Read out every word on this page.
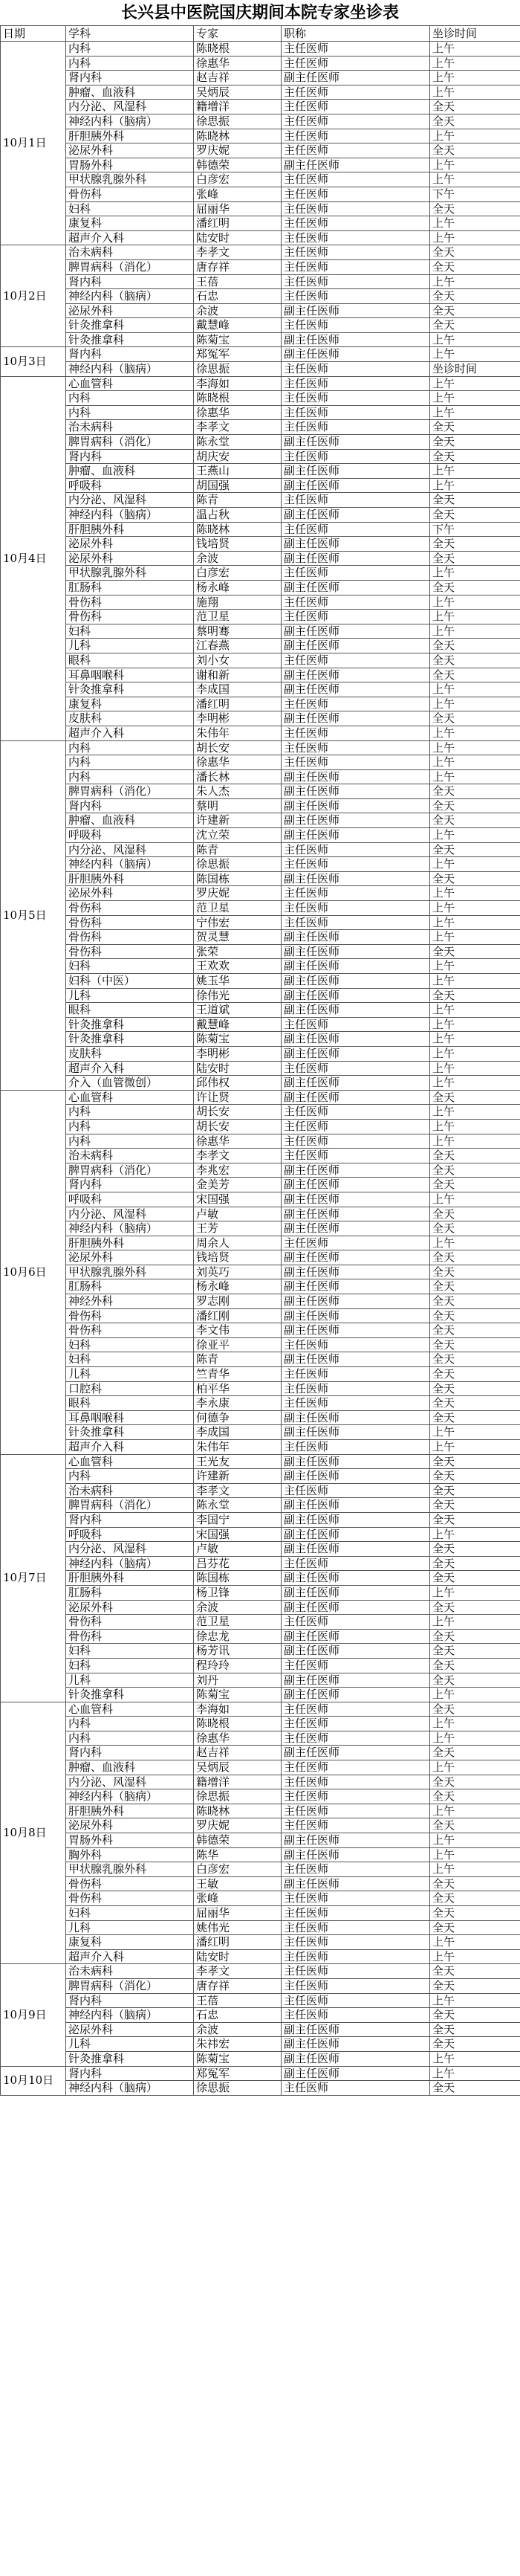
长兴县中医院国庆期间本院专家坐诊表
日期	学科	专家	职称	坐诊时间
10月1日	内科	陈晓根	主任医师	上午
	内科	徐惠华	主任医师	上午
	肾内科	赵吉祥	副主任医师	上午
	肿瘤、血液科	吴炳辰	主任医师	上午
	内分泌、风湿科	籍增洋	主任医师	全天
	神经内科（脑病）	徐思振	主任医师	全天
	肝胆胰外科	陈晓林	主任医师	上午
	泌尿外科	罗庆妮	主任医师	全天
	胃肠外科	韩德荣	副主任医师	上午
	甲状腺乳腺外科	白彦宏	主任医师	上午
	骨伤科	张峰	主任医师	下午
	妇科	屈丽华	主任医师	全天
	康复科	潘红明	主任医师	上午
	超声介入科	陆安时	主任医师	上午
10月2日	治未病科	李孝文	主任医师	全天
	脾胃病科（消化）	唐存祥	主任医师	全天
	肾内科	王蓓	主任医师	上午
	神经内科（脑病）	石忠	主任医师	全天
	泌尿外科	余波	副主任医师	全天
	针灸推拿科	戴慧峰	主任医师	全天
	针灸推拿科	陈菊宝	副主任医师	上午
10月3日	肾内科	郑冤军	副主任医师	上午
	神经内科（脑病）	徐思振	主任医师	坐诊时间
10月4日	心血管科	李海如	主任医师	上午
	内科	陈晓根	主任医师	上午
	内科	徐惠华	主任医师	上午
	治未病科	李孝文	主任医师	全天
	脾胃病科（消化）	陈永堂	副主任医师	全天
	肾内科	胡庆安	主任医师	全天
	肿瘤、血液科	王燕山	副主任医师	上午
	呼吸科	胡国强	副主任医师	上午
	内分泌、风湿科	陈青	主任医师	全天
	神经内科（脑病）	温占秋	副主任医师	全天
	肝胆胰外科	陈晓林	主任医师	下午
	泌尿外科	钱培贤	副主任医师	全天
	泌尿外科	余波	副主任医师	全天
	甲状腺乳腺外科	白彦宏	主任医师	上午
	肛肠科	杨永峰	副主任医师	全天
	骨伤科	施翔	主任医师	上午
	骨伤科	范卫星	主任医师	上午
	妇科	蔡明骞	副主任医师	上午
	儿科	江春燕	副主任医师	全天
	眼科	刘小女	主任医师	全天
	耳鼻咽喉科	谢和新	副主任医师	全天
	针灸推拿科	李成国	副主任医师	上午
	康复科	潘红明	主任医师	上午
	皮肤科	李明彬	副主任医师	全天
	超声介入科	朱伟年	主任医师	上午
10月5日	内科	胡长安	主任医师	上午
	内科	徐惠华	主任医师	上午
	内科	潘长林	副主任医师	上午
	脾胃病科（消化）	朱人杰	副主任医师	全天
	肾内科	蔡明	副主任医师	全天
	肿瘤、血液科	许建新	副主任医师	全天
	呼吸科	沈立荣	副主任医师	上午
	内分泌、风湿科	陈青	主任医师	全天
	神经内科（脑病）	徐思振	主任医师	上午
	肝胆胰外科	陈国栋	副主任医师	全天
	泌尿外科	罗庆妮	主任医师	上午
	骨伤科	范卫星	主任医师	上午
	骨伤科	宁伟宏	主任医师	上午
	骨伤科	贺灵慧	副主任医师	上午
	骨伤科	张荣	副主任医师	全天
	妇科	王欢欢	副主任医师	上午
	妇科（中医）	姚玉华	副主任医师	上午
	儿科	徐伟光	副主任医师	全天
	眼科	王道斌	副主任医师	上午
	针灸推拿科	戴慧峰	主任医师	上午
	针灸推拿科	陈菊宝	副主任医师	上午
	皮肤科	李明彬	副主任医师	上午
	超声介入科	陆安时	主任医师	上午
	介入（血管微创）	邱伟权	副主任医师	上午
10月6日	心血管科	许让贤	副主任医师	全天
	内科	胡长安	主任医师	上午
	内科	胡长安	主任医师	上午
	内科	徐惠华	主任医师	上午
	治未病科	李孝文	主任医师	全天
	脾胃病科（消化）	李兆宏	副主任医师	全天
	肾内科	金美芳	副主任医师	全天
	呼吸科	宋国强	副主任医师	上午
	内分泌、风湿科	卢敏	副主任医师	全天
	神经内科（脑病）	王芳	副主任医师	全天
	肝胆胰外科	周余人	主任医师	上午
	泌尿外科	钱培贤	副主任医师	全天
	甲状腺乳腺外科	刘英巧	副主任医师	全天
	肛肠科	杨永峰	副主任医师	全天
	神经外科	罗志刚	副主任医师	全天
	骨伤科	潘红刚	副主任医师	全天
	骨伤科	李文伟	副主任医师	全天
	妇科	徐亚平	主任医师	全天
	妇科	陈青	副主任医师	全天
	儿科	竺青华	主任医师	全天
	口腔科	柏平华	主任医师	全天
	眼科	李永康	主任医师	全天
	耳鼻咽喉科	何德争	副主任医师	全天
	针灸推拿科	李成国	副主任医师	上午
	超声介入科	朱伟年	主任医师	上午
10月7日	心血管科	王光友	副主任医师	全天
	内科	许建新	副主任医师	全天
	治未病科	李孝文	主任医师	全天
	脾胃病科（消化）	陈永堂	副主任医师	全天
	肾内科	李国宁	副主任医师	全天
	呼吸科	宋国强	副主任医师	上午
	内分泌、风湿科	卢敏	副主任医师	全天
	神经内科（脑病）	吕芬花	主任医师	全天
	肝胆胰外科	陈国栋	副主任医师	全天
	肛肠科	杨卫锋	副主任医师	上午
	泌尿外科	余波	副主任医师	全天
	骨伤科	范卫星	主任医师	上午
	骨伤科	徐忠龙	副主任医师	全天
	妇科	杨芳讯	副主任医师	全天
	妇科	程玲玲	主任医师	全天
	儿科	刘丹	副主任医师	全天
	针灸推拿科	陈菊宝	副主任医师	上午
10月8日	心血管科	李海如	主任医师	全天
	内科	陈晓根	主任医师	上午
	内科	徐惠华	主任医师	上午
	肾内科	赵吉祥	副主任医师	全天
	肿瘤、血液科	吴炳辰	主任医师	上午
	内分泌、风湿科	籍增洋	主任医师	全天
	神经内科（脑病）	徐思振	主任医师	全天
	肝胆胰外科	陈晓林	主任医师	上午
	泌尿外科	罗庆妮	主任医师	全天
	胃肠外科	韩德荣	副主任医师	上午
	胸外科	陈华	副主任医师	上午
	甲状腺乳腺外科	白彦宏	主任医师	上午
	骨伤科	王敏	副主任医师	全天
	骨伤科	张峰	主任医师	全天
	妇科	屈丽华	主任医师	全天
	儿科	姚伟光	主任医师	全天
	康复科	潘红明	主任医师	上午
	超声介入科	陆安时	主任医师	上午
10月9日	治未病科	李孝文	主任医师	全天
	脾胃病科（消化）	唐存祥	主任医师	全天
	肾内科	王蓓	主任医师	上午
	神经内科（脑病）	石忠	主任医师	全天
	泌尿外科	余波	副主任医师	全天
	儿科	朱祎宏	副主任医师	全天
	针灸推拿科	陈菊宝	副主任医师	上午
10月10日	肾内科	郑冤军	副主任医师	上午
	神经内科（脑病）	徐思振	主任医师	全天
